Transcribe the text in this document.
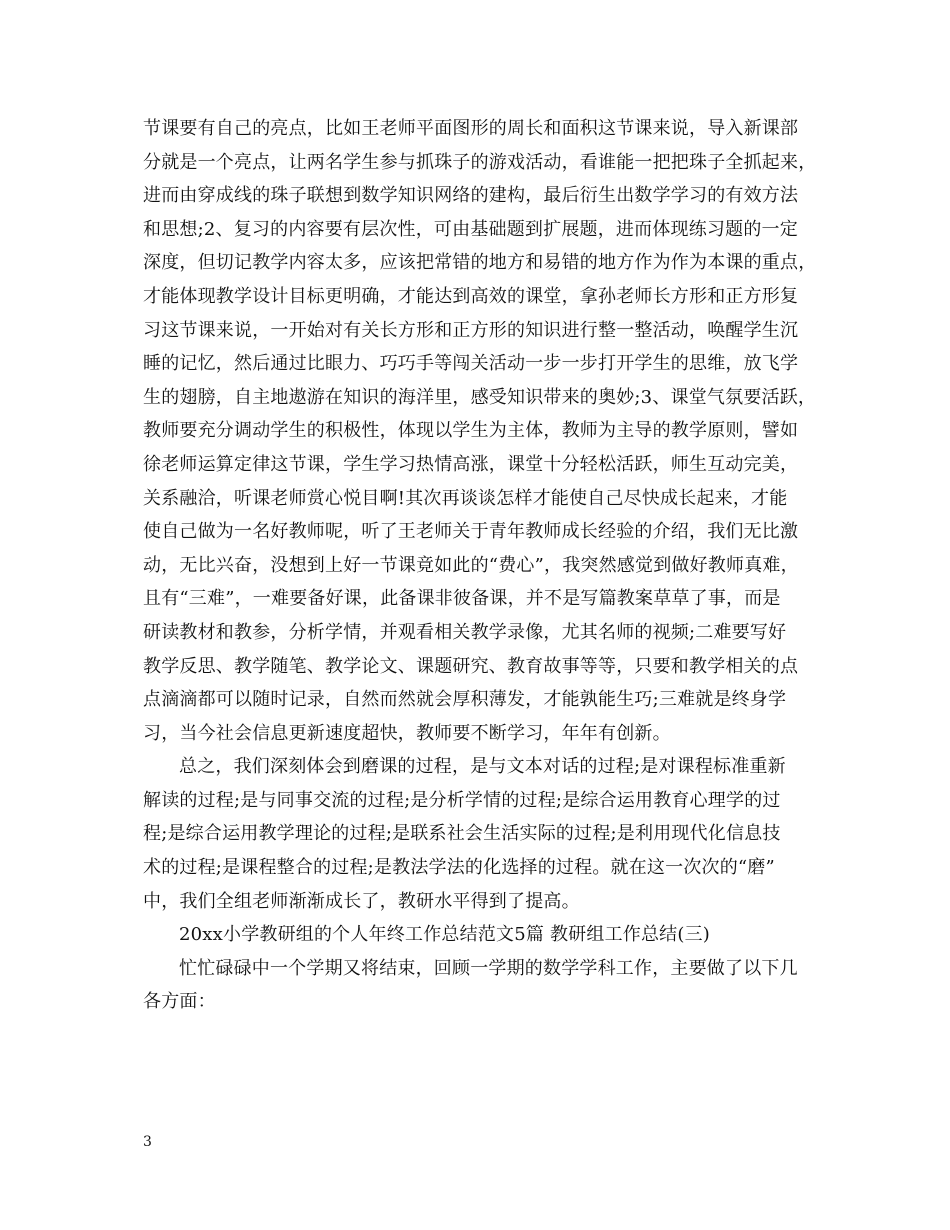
节课要有自己的亮点，比如王老师平面图形的周长和面积这节课来说，导入新课部
分就是一个亮点，让两名学生参与抓珠子的游戏活动，看谁能一把把珠子全抓起来，
进而由穿成线的珠子联想到数学知识网络的建构，最后衍生出数学学习的有效方法
和思想;2、复习的内容要有层次性，可由基础题到扩展题，进而体现练习题的一定
深度，但切记教学内容太多，应该把常错的地方和易错的地方作为作为本课的重点，
才能体现教学设计目标更明确，才能达到高效的课堂，拿孙老师长方形和正方形复
习这节课来说，一开始对有关长方形和正方形的知识进行整一整活动，唤醒学生沉
睡的记忆，然后通过比眼力、巧巧手等闯关活动一步一步打开学生的思维，放飞学
生的翅膀，自主地遨游在知识的海洋里，感受知识带来的奥妙;3、课堂气氛要活跃，
教师要充分调动学生的积极性，体现以学生为主体，教师为主导的教学原则，譬如
徐老师运算定律这节课，学生学习热情高涨，课堂十分轻松活跃，师生互动完美，
关系融洽，听课老师赏心悦目啊!其次再谈谈怎样才能使自己尽快成长起来，才能
使自己做为一名好教师呢，听了王老师关于青年教师成长经验的介绍，我们无比激
动，无比兴奋，没想到上好一节课竟如此的“费心”，我突然感觉到做好教师真难，
且有“三难”，一难要备好课，此备课非彼备课，并不是写篇教案草草了事，而是
研读教材和教参，分析学情，并观看相关教学录像，尤其名师的视频;二难要写好
教学反思、教学随笔、教学论文、课题研究、教育故事等等，只要和教学相关的点
点滴滴都可以随时记录，自然而然就会厚积薄发，才能孰能生巧;三难就是终身学
习，当今社会信息更新速度超快，教师要不断学习，年年有创新。
总之，我们深刻体会到磨课的过程，是与文本对话的过程;是对课程标准重新
解读的过程;是与同事交流的过程;是分析学情的过程;是综合运用教育心理学的过
程;是综合运用教学理论的过程;是联系社会生活实际的过程;是利用现代化信息技
术的过程;是课程整合的过程;是教法学法的化选择的过程。就在这一次次的“磨”
中，我们全组老师渐渐成长了，教研水平得到了提高。
20xx小学教研组的个人年终工作总结范文5篇 教研组工作总结(三)
忙忙碌碌中一个学期又将结束，回顾一学期的数学学科工作，主要做了以下几
各方面：
3
